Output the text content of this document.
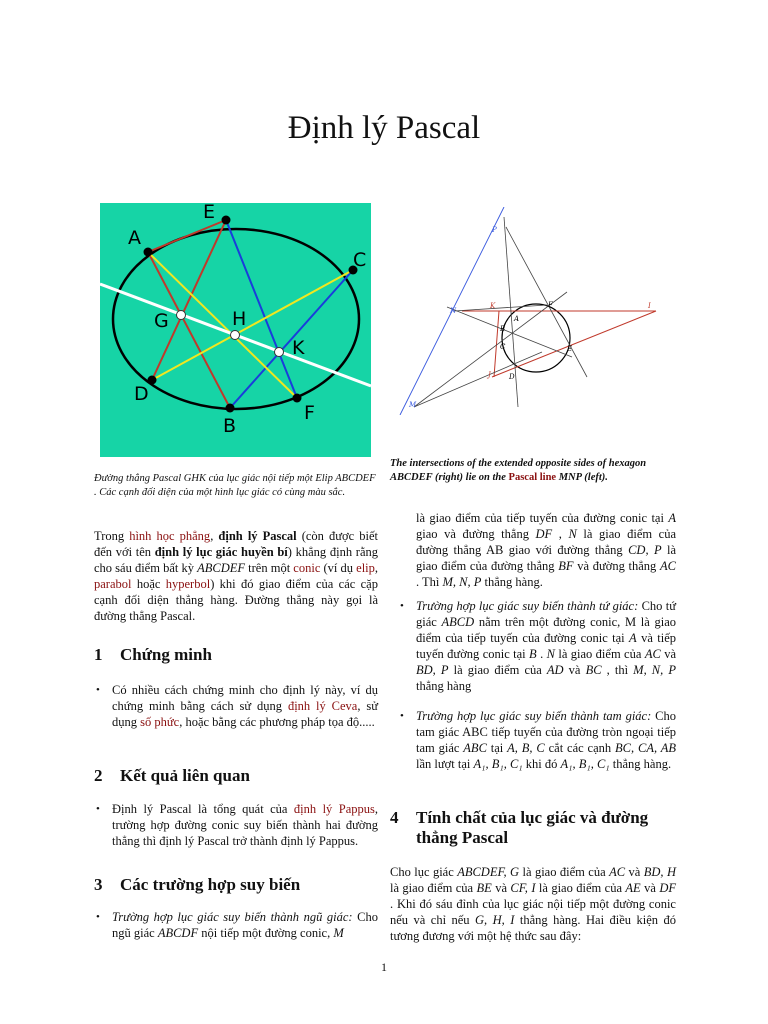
Định lý Pascal
A
E
C
G	H
K
D
F
B
P
N
K	F	I
A
B
C	E
J	D
M
Đường thẳng Pascal GHK của lục giác nội tiếp một Elip ABCDEF . Các cạnh đối diện của một hình lục giác có cùng màu sắc.
The intersections of the extended opposite sides of hexagon ABCDEF (right) lie on the Pascal line MNP (left).

Trong hình học phẳng, định lý Pascal (còn được biết đến với tên định lý lục giác huyền bí) khẳng định rằng cho sáu điểm bất kỳ ABCDEF trên một conic (ví dụ elip, parabol hoặc hyperbol) khi đó giao điểm của các cặp cạnh đối diện thẳng hàng. Đường thẳng này gọi là đường thẳng Pascal.

1 Chứng minh
• Có nhiều cách chứng minh cho định lý này, ví dụ chứng minh bằng cách sử dụng định lý Ceva, sử dụng số phức, hoặc bằng các phương pháp tọa độ.....
2 Kết quả liên quan
• Định lý Pascal là tổng quát của định lý Pappus, trường hợp đường conic suy biến thành hai đường thẳng thì định lý Pascal trở thành định lý Pappus.
3 Các trường hợp suy biến
• Trường hợp lục giác suy biến thành ngũ giác: Cho ngũ giác ABCDF nội tiếp một đường conic, M

là giao điểm của tiếp tuyến của đường conic tại A giao và đường thẳng DF , N là giao điểm của đường thẳng AB giao với đường thẳng CD, P là giao điểm của đường thẳng BF và đường thẳng AC . Thì M, N, P thẳng hàng.

• Trường hợp lục giác suy biến thành tứ giác: Cho tứ giác ABCD nằm trên một đường conic, M là giao điểm của tiếp tuyến của đường conic tại A và tiếp tuyến đường conic tại B . N là giao điểm của AC và BD, P là giao điểm của AD và BC , thì M, N, P thẳng hàng
• Trường hợp lục giác suy biến thành tam giác: Cho tam giác ABC tiếp tuyến của đường tròn ngoại tiếp tam giác ABC tại A, B, C cắt các cạnh BC, CA, AB lần lượt tại A₁, B₁, C₁ khi đó A₁, B₁, C₁ thẳng hàng.
4 Tính chất của lục giác và đường thẳng Pascal

Cho lục giác ABCDEF, G là giao điểm của AC và BD, H là giao điểm của BE và CF, I là giao điểm của AE và DF . Khi đó sáu đỉnh của lục giác nội tiếp một đường conic nếu và chỉ nếu G, H, I thẳng hàng. Hai điều kiện đó tương đương với một hệ thức sau đây:

1
